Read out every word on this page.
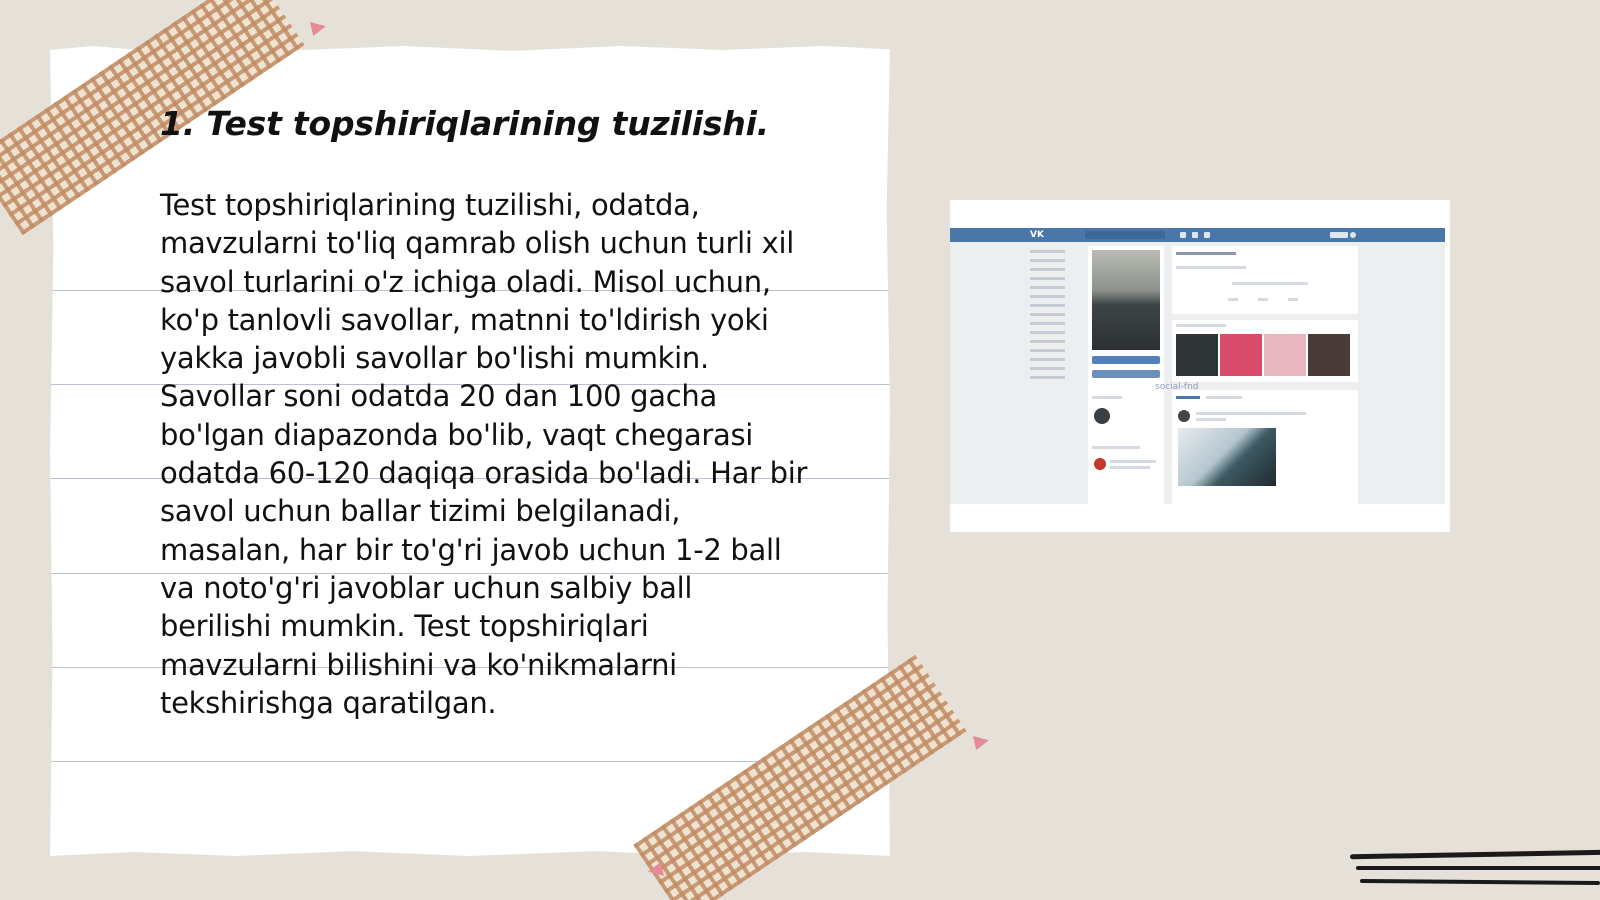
1. Test topshiriqlarining tuzilishi.

Test topshiriqlarining tuzilishi, odatda,
mavzularni to'liq qamrab olish uchun turli xil
savol turlarini o'z ichiga oladi. Misol uchun,
ko'p tanlovli savollar, matnni to'ldirish yoki
yakka javobli savollar bo'lishi mumkin.
Savollar soni odatda 20 dan 100 gacha
bo'lgan diapazonda bo'lib, vaqt chegarasi
odatda 60-120 daqiqa orasida bo'ladi. Har bir
savol uchun ballar tizimi belgilanadi,
masalan, har bir to'g'ri javob uchun 1-2 ball
va noto'g'ri javoblar uchun salbiy ball
berilishi mumkin. Test topshiriqlari
mavzularni bilishini va ko'nikmalarni
tekshirishga qaratilgan.

VK
social-fnd
